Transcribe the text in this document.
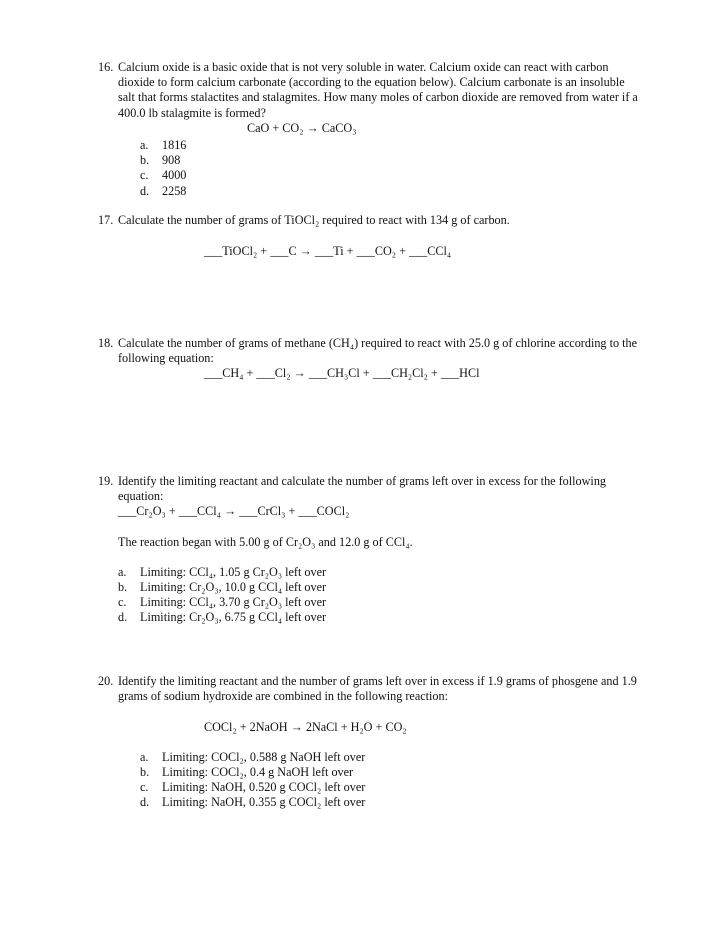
16. Calcium oxide is a basic oxide that is not very soluble in water. Calcium oxide can react with carbon dioxide to form calcium carbonate (according to the equation below). Calcium carbonate is an insoluble salt that forms stalactites and stalagmites. How many moles of carbon dioxide are removed from water if a 400.0 lb stalagmite is formed?
CaO + CO₂ → CaCO₃
a.	1816
b.	908
c.	4000
d.	2258
17. Calculate the number of grams of TiOCl₂ required to react with 134 g of carbon.
___TiOCl₂ + ___C → ___Ti + ___CO₂ + ___CCl₄
18. Calculate the number of grams of methane (CH₄) required to react with 25.0 g of chlorine according to the following equation:
___CH₄ + ___Cl₂ → ___CH₃Cl + ___CH₂Cl₂ + ___HCl
19. Identify the limiting reactant and calculate the number of grams left over in excess for the following equation:
___Cr₂O₃ + ___CCl₄ → ___CrCl₃ + ___COCl₂
The reaction began with 5.00 g of Cr₂O₃ and 12.0 g of CCl₄.
a.	Limiting: CCl₄, 1.05 g Cr₂O₃ left over
b.	Limiting: Cr₂O₃, 10.0 g CCl₄ left over
c.	Limiting: CCl₄, 3.70 g Cr₂O₃ left over
d.	Limiting: Cr₂O₃, 6.75 g CCl₄ left over
20. Identify the limiting reactant and the number of grams left over in excess if 1.9 grams of phosgene and 1.9 grams of sodium hydroxide are combined in the following reaction:
COCl₂ + 2NaOH → 2NaCl + H₂O + CO₂
a.	Limiting: COCl₂, 0.588 g NaOH left over
b.	Limiting: COCl₂, 0.4 g NaOH left over
c.	Limiting: NaOH, 0.520 g COCl₂ left over
d.	Limiting: NaOH, 0.355 g COCl₂ left over
